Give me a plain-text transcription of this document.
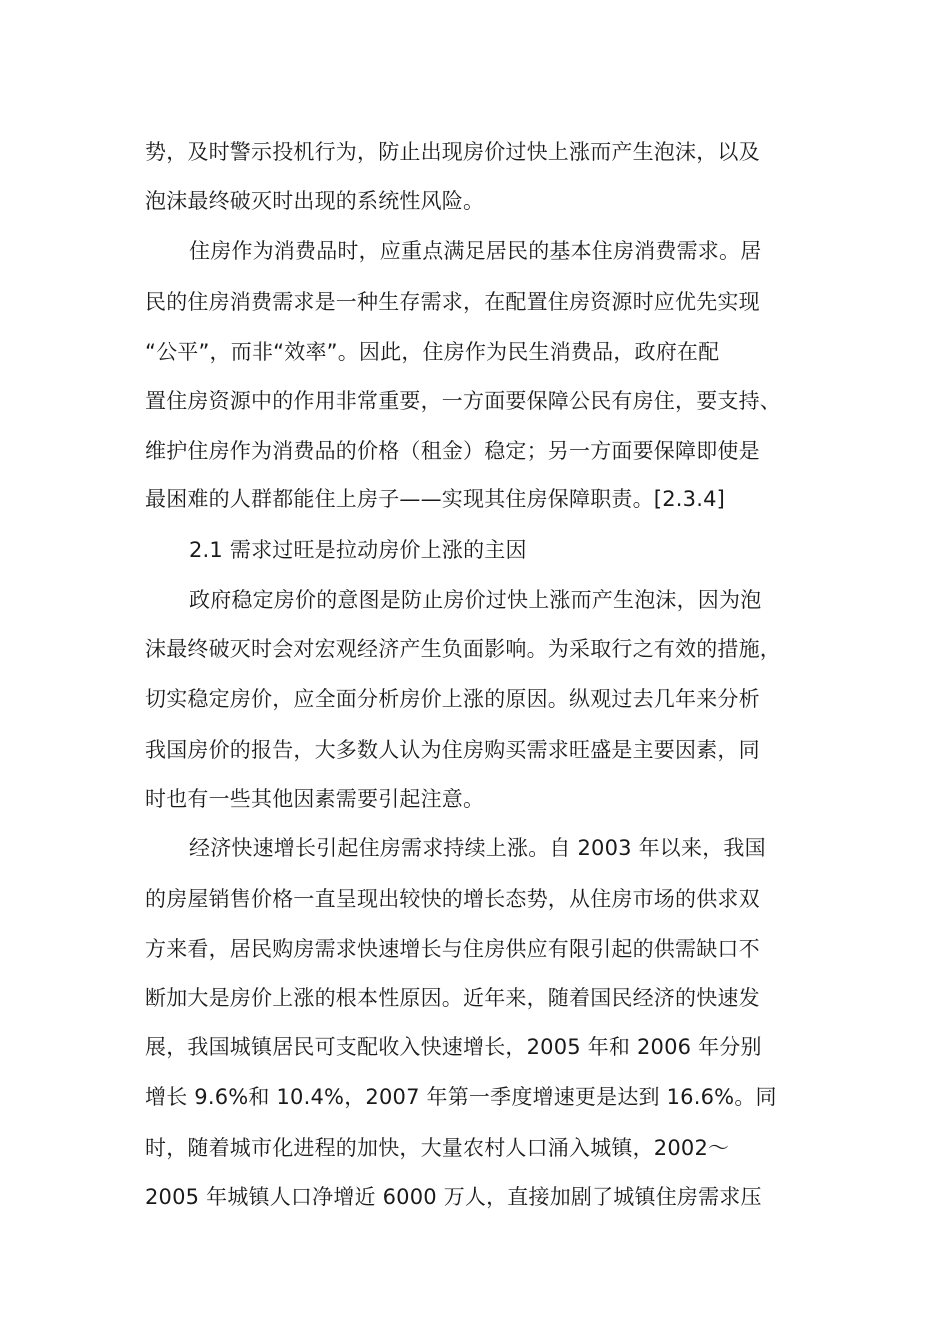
势，及时警示投机行为，防止出现房价过快上涨而产生泡沫，以及
泡沫最终破灭时出现的系统性风险。
住房作为消费品时，应重点满足居民的基本住房消费需求。居
民的住房消费需求是一种生存需求，在配置住房资源时应优先实现
“公平”，而非“效率”。因此，住房作为民生消费品，政府在配
置住房资源中的作用非常重要，一方面要保障公民有房住，要支持、
维护住房作为消费品的价格（租金）稳定；另一方面要保障即使是
最困难的人群都能住上房子——实现其住房保障职责。[2.3.4]
2.1 需求过旺是拉动房价上涨的主因
政府稳定房价的意图是防止房价过快上涨而产生泡沫，因为泡
沫最终破灭时会对宏观经济产生负面影响。为采取行之有效的措施，
切实稳定房价，应全面分析房价上涨的原因。纵观过去几年来分析
我国房价的报告，大多数人认为住房购买需求旺盛是主要因素，同
时也有一些其他因素需要引起注意。
经济快速增长引起住房需求持续上涨。自 2003 年以来，我国
的房屋销售价格一直呈现出较快的增长态势，从住房市场的供求双
方来看，居民购房需求快速增长与住房供应有限引起的供需缺口不
断加大是房价上涨的根本性原因。近年来，随着国民经济的快速发
展，我国城镇居民可支配收入快速增长，2005 年和 2006 年分别
增长 9.6%和 10.4%，2007 年第一季度增速更是达到 16.6%。同
时，随着城市化进程的加快，大量农村人口涌入城镇，2002～
2005 年城镇人口净增近 6000 万人，直接加剧了城镇住房需求压
